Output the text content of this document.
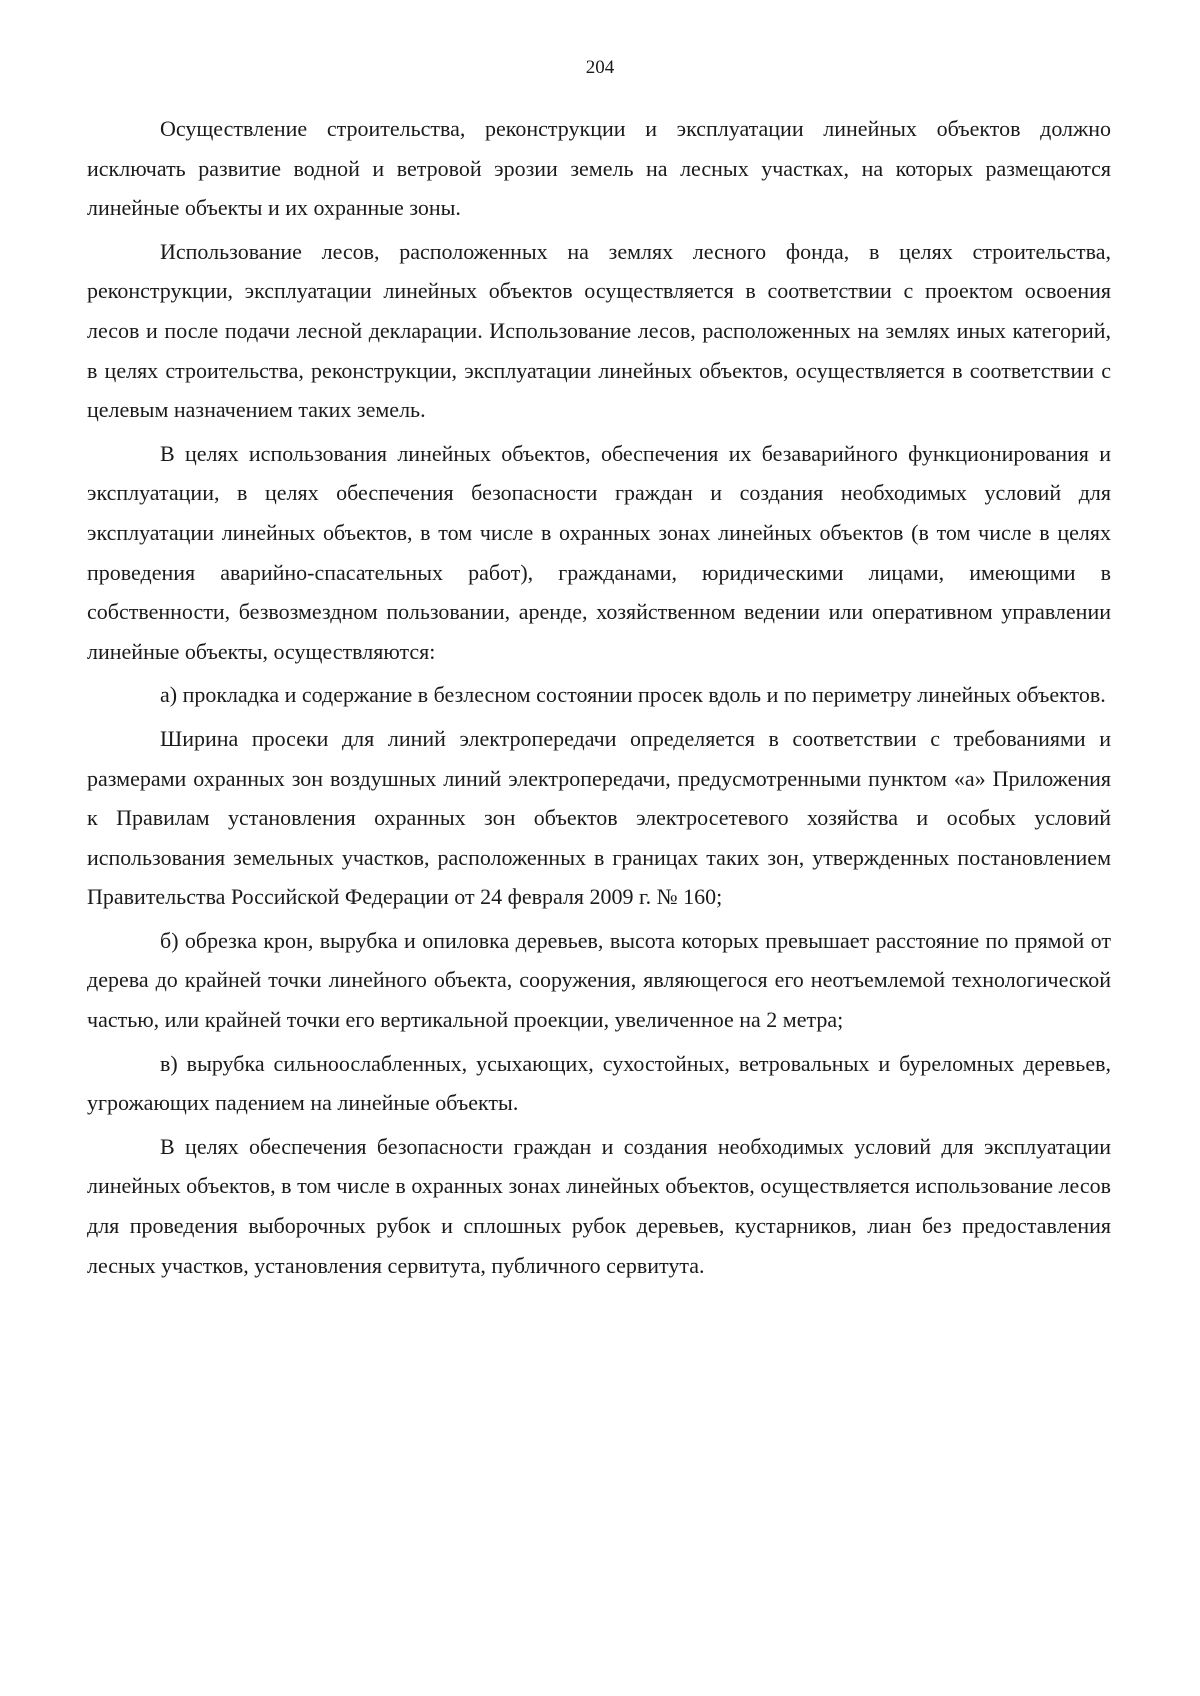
204

Осуществление строительства, реконструкции и эксплуатации линейных объектов должно исключать развитие водной и ветровой эрозии земель на лесных участках, на которых размещаются линейные объекты и их охранные зоны.

Использование лесов, расположенных на землях лесного фонда, в целях строительства, реконструкции, эксплуатации линейных объектов осуществляется в соответствии с проектом освоения лесов и после подачи лесной декларации. Использование лесов, расположенных на землях иных категорий, в целях строительства, реконструкции, эксплуатации линейных объектов, осуществляется в соответствии с целевым назначением таких земель.

В целях использования линейных объектов, обеспечения их безаварийного функционирования и эксплуатации, в целях обеспечения безопасности граждан и создания необходимых условий для эксплуатации линейных объектов, в том числе в охранных зонах линейных объектов (в том числе в целях проведения аварийно-спасательных работ), гражданами, юридическими лицами, имеющими в собственности, безвозмездном пользовании, аренде, хозяйственном ведении или оперативном управлении линейные объекты, осуществляются:

а) прокладка и содержание в безлесном состоянии просек вдоль и по периметру линейных объектов.

Ширина просеки для линий электропередачи определяется в соответствии с требованиями и размерами охранных зон воздушных линий электропередачи, предусмотренными пунктом «а» Приложения к Правилам установления охранных зон объектов электросетевого хозяйства и особых условий использования земельных участков, расположенных в границах таких зон, утвержденных постановлением Правительства Российской Федерации от 24 февраля 2009 г. № 160;

б) обрезка крон, вырубка и опиловка деревьев, высота которых превышает расстояние по прямой от дерева до крайней точки линейного объекта, сооружения, являющегося его неотъемлемой технологической частью, или крайней точки его вертикальной проекции, увеличенное на 2 метра;

в) вырубка сильноослабленных, усыхающих, сухостойных, ветровальных и буреломных деревьев, угрожающих падением на линейные объекты.

В целях обеспечения безопасности граждан и создания необходимых условий для эксплуатации линейных объектов, в том числе в охранных зонах линейных объектов, осуществляется использование лесов для проведения выборочных рубок и сплошных рубок деревьев, кустарников, лиан без предоставления лесных участков, установления сервитута, публичного сервитута.
